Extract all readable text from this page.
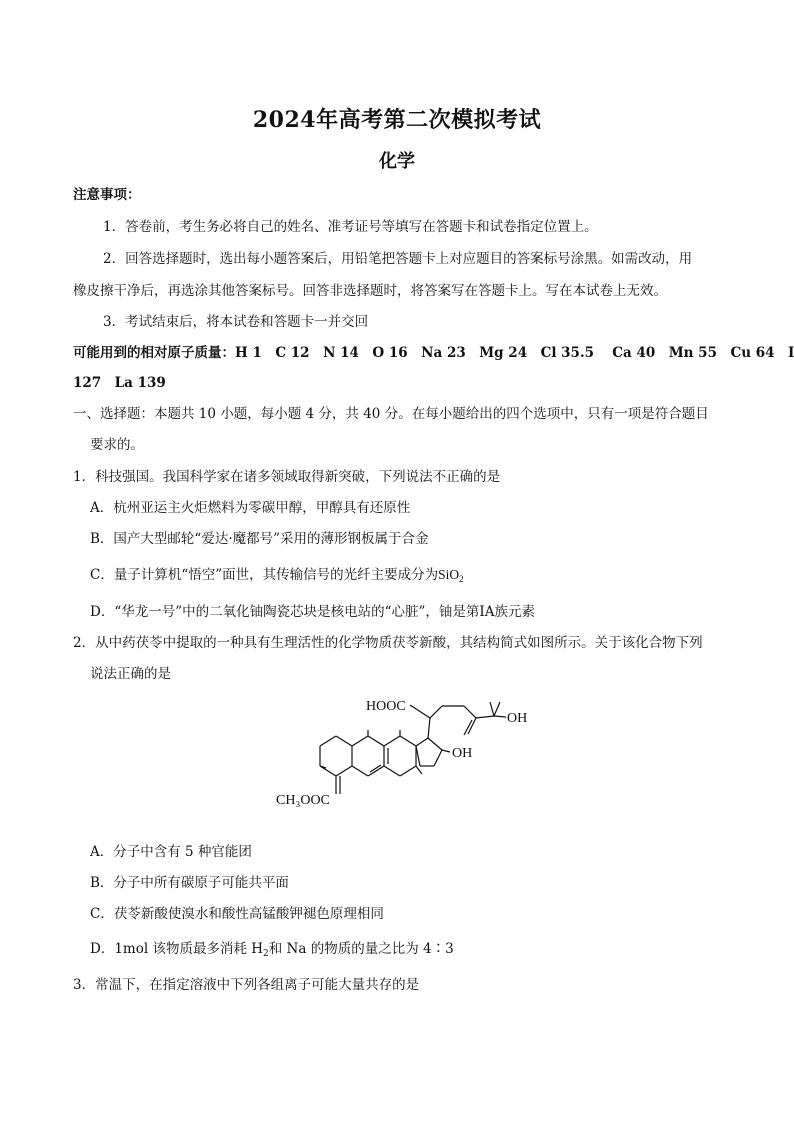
2024年高考第二次模拟考试
化学
注意事项：
1．答卷前，考生务必将自己的姓名、准考证号等填写在答题卡和试卷指定位置上。
2．回答选择题时，选出每小题答案后，用铅笔把答题卡上对应题目的答案标号涂黑。如需改动，用
橡皮擦干净后，再选涂其他答案标号。回答非选择题时，将答案写在答题卡上。写在本试卷上无效。
3．考试结束后，将本试卷和答题卡一并交回
可能用到的相对原子质量：H 1　C 12　N 14　O 16　Na 23　Mg 24　Cl 35.5　 Ca 40　Mn 55　Cu 64　I
127　La 139
一、选择题：本题共 10 小题，每小题 4 分，共 40 分。在每小题给出的四个选项中，只有一项是符合题目
要求的。
1．科技强国。我国科学家在诸多领域取得新突破，下列说法不正确的是
A．杭州亚运主火炬燃料为零碳甲醇，甲醇具有还原性
B．国产大型邮轮“爱达·魔都号”采用的薄形钢板属于合金
C．量子计算机“悟空”面世，其传输信号的光纤主要成分为SiO$_2$
D．“华龙一号”中的二氧化铀陶瓷芯块是核电站的“心脏”，铀是第ⅠA族元素
2．从中药茯苓中提取的一种具有生理活性的化学物质茯苓新酸，其结构简式如图所示。关于该化合物下列
说法正确的是
HOOC
OH
OH
CH₃OOC
A．分子中含有 5 种官能团
B．分子中所有碳原子可能共平面
C．茯苓新酸使溴水和酸性高锰酸钾褪色原理相同
D．1mol 该物质最多消耗 $H_2$和 Na 的物质的量之比为 4∶3
3．常温下，在指定溶液中下列各组离子可能大量共存的是
